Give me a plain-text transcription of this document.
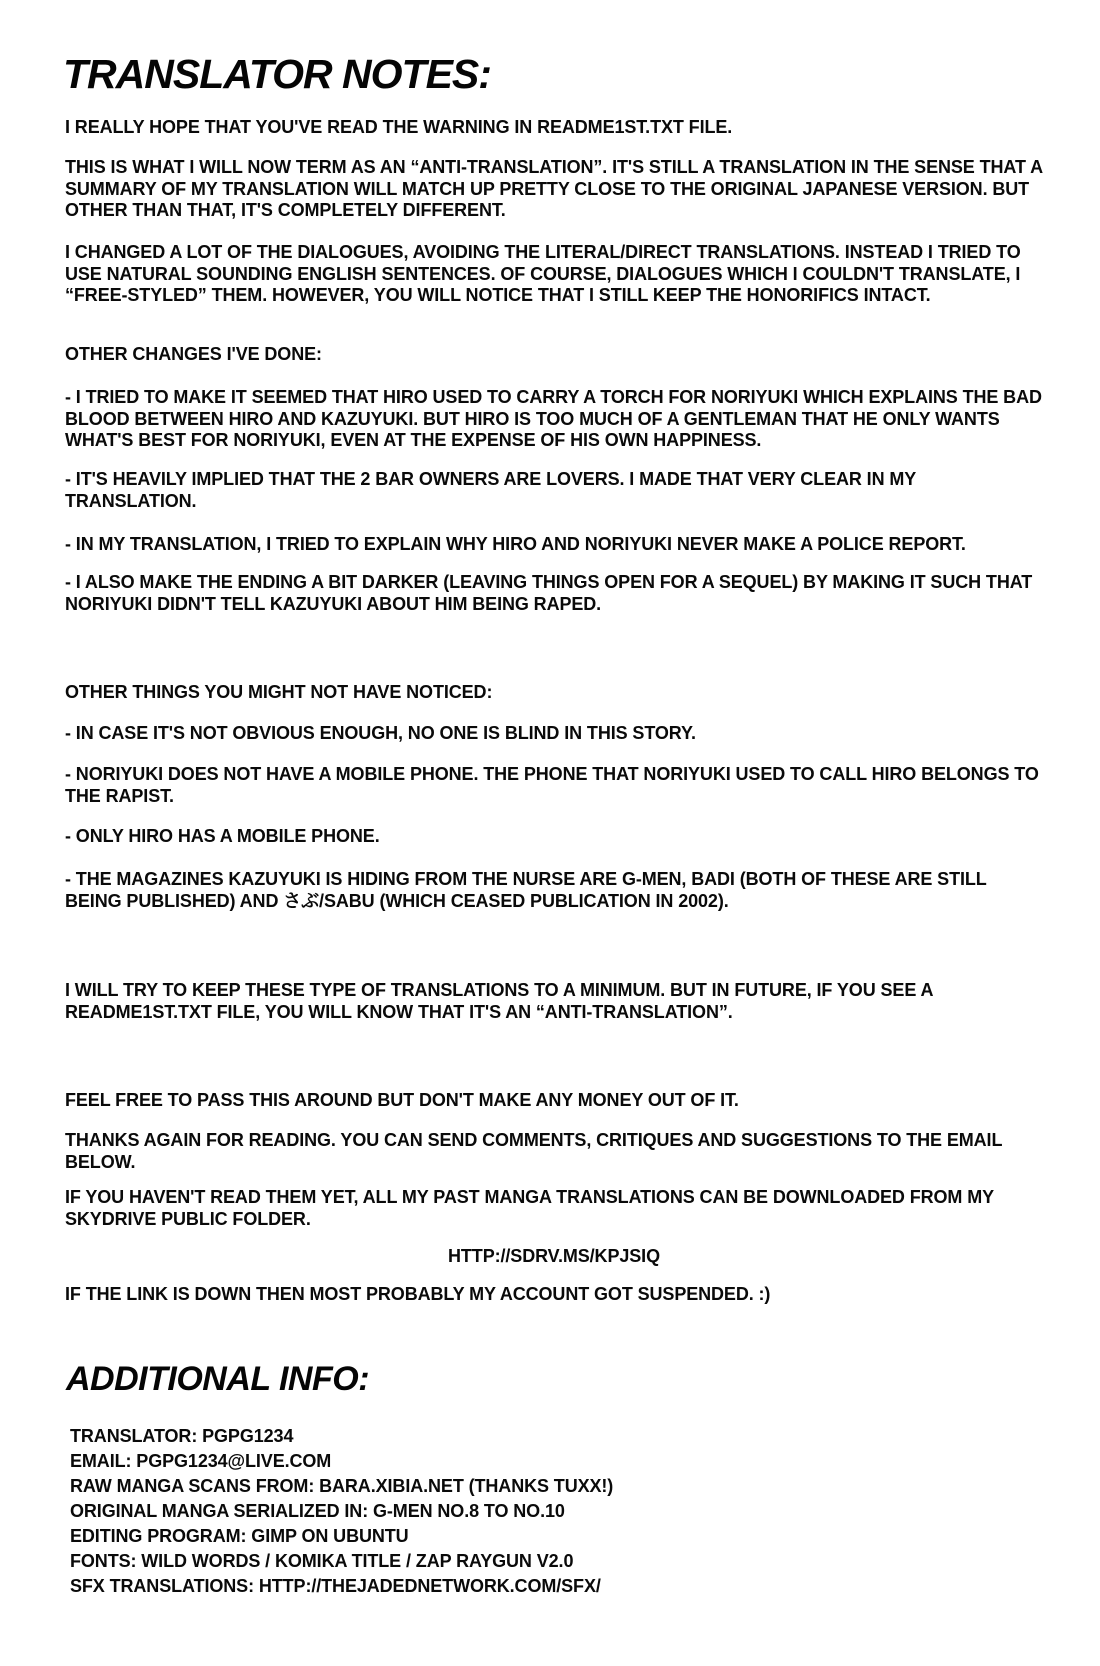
TRANSLATOR NOTES:

I REALLY HOPE THAT YOU'VE READ THE WARNING IN README1ST.TXT FILE.

THIS IS WHAT I WILL NOW TERM AS AN “ANTI-TRANSLATION”. IT'S STILL A TRANSLATION IN THE SENSE THAT A SUMMARY OF MY TRANSLATION WILL MATCH UP PRETTY CLOSE TO THE ORIGINAL JAPANESE VERSION. BUT OTHER THAN THAT, IT'S COMPLETELY DIFFERENT.

I CHANGED A LOT OF THE DIALOGUES, AVOIDING THE LITERAL/DIRECT TRANSLATIONS. INSTEAD I TRIED TO USE NATURAL SOUNDING ENGLISH SENTENCES. OF COURSE, DIALOGUES WHICH I COULDN'T TRANSLATE, I “FREE-STYLED” THEM. HOWEVER, YOU WILL NOTICE THAT I STILL KEEP THE HONORIFICS INTACT.

OTHER CHANGES I'VE DONE:

- I TRIED TO MAKE IT SEEMED THAT HIRO USED TO CARRY A TORCH FOR NORIYUKI WHICH EXPLAINS THE BAD BLOOD BETWEEN HIRO AND KAZUYUKI. BUT HIRO IS TOO MUCH OF A GENTLEMAN THAT HE ONLY WANTS WHAT'S BEST FOR NORIYUKI, EVEN AT THE EXPENSE OF HIS OWN HAPPINESS.

- IT'S HEAVILY IMPLIED THAT THE 2 BAR OWNERS ARE LOVERS. I MADE THAT VERY CLEAR IN MY TRANSLATION.

- IN MY TRANSLATION, I TRIED TO EXPLAIN WHY HIRO AND NORIYUKI NEVER MAKE A POLICE REPORT.

- I ALSO MAKE THE ENDING A BIT DARKER (LEAVING THINGS OPEN FOR A SEQUEL) BY MAKING IT SUCH THAT NORIYUKI DIDN'T TELL KAZUYUKI ABOUT HIM BEING RAPED.

OTHER THINGS YOU MIGHT NOT HAVE NOTICED:

- IN CASE IT'S NOT OBVIOUS ENOUGH, NO ONE IS BLIND IN THIS STORY.

- NORIYUKI DOES NOT HAVE A MOBILE PHONE. THE PHONE THAT NORIYUKI USED TO CALL HIRO BELONGS TO THE RAPIST.

- ONLY HIRO HAS A MOBILE PHONE.

- THE MAGAZINES KAZUYUKI IS HIDING FROM THE NURSE ARE G-MEN, BADI (BOTH OF THESE ARE STILL BEING PUBLISHED) AND さぶ/SABU (WHICH CEASED PUBLICATION IN 2002).

I WILL TRY TO KEEP THESE TYPE OF TRANSLATIONS TO A MINIMUM. BUT IN FUTURE, IF YOU SEE A README1ST.TXT FILE, YOU WILL KNOW THAT IT'S AN “ANTI-TRANSLATION”.

FEEL FREE TO PASS THIS AROUND BUT DON'T MAKE ANY MONEY OUT OF IT.

THANKS AGAIN FOR READING. YOU CAN SEND COMMENTS, CRITIQUES AND SUGGESTIONS TO THE EMAIL BELOW.

IF YOU HAVEN'T READ THEM YET, ALL MY PAST MANGA TRANSLATIONS CAN BE DOWNLOADED FROM MY SKYDRIVE PUBLIC FOLDER.

HTTP://SDRV.MS/KPJSIQ

IF THE LINK IS DOWN THEN MOST PROBABLY MY ACCOUNT GOT SUSPENDED. :)

ADDITIONAL INFO:
TRANSLATOR: PGPG1234
EMAIL: PGPG1234@LIVE.COM
RAW MANGA SCANS FROM: BARA.XIBIA.NET (THANKS TUXX!)
ORIGINAL MANGA SERIALIZED IN: G-MEN NO.8 TO NO.10
EDITING PROGRAM: GIMP ON UBUNTU
FONTS: WILD WORDS / KOMIKA TITLE / ZAP RAYGUN V2.0
SFX TRANSLATIONS: HTTP://THEJADEDNETWORK.COM/SFX/
